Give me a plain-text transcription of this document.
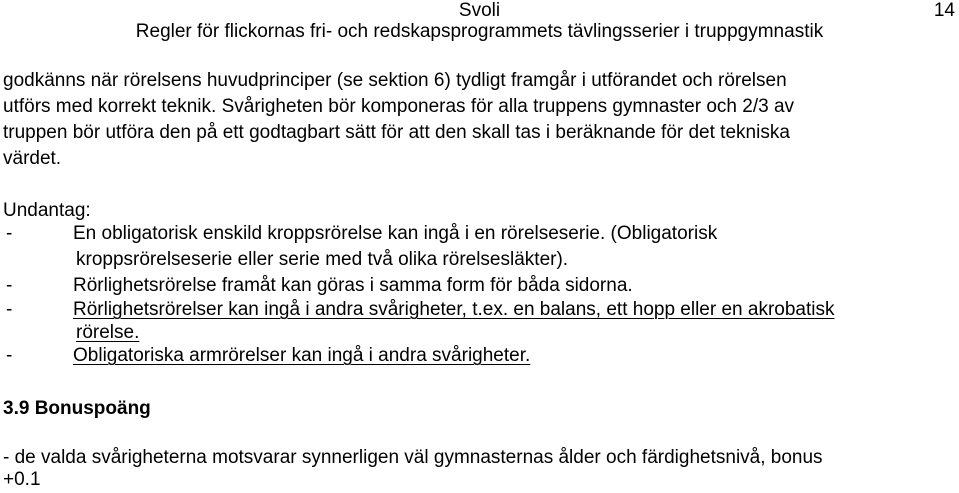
Svoli
Regler för flickornas fri- och redskapsprogrammets tävlingsserier i truppgymnastik
14
godkänns när rörelsens huvudprinciper (se sektion 6) tydligt framgår i utförandet och rörelsen
utförs med korrekt teknik. Svårigheten bör komponeras för alla truppens gymnaster och 2/3 av
truppen bör utföra den på ett godtagbart sätt för att den skall tas i beräknande för det tekniska
värdet.
Undantag:
-	En obligatorisk enskild kroppsrörelse kan ingå i en rörelseserie. (Obligatorisk
kroppsrörelseserie eller serie med två olika rörelsesläkter).
-	Rörlighetsrörelse framåt kan göras i samma form för båda sidorna.
-	Rörlighetsrörelser kan ingå i andra svårigheter, t.ex. en balans, ett hopp eller en akrobatisk
rörelse.
-	Obligatoriska armrörelser kan ingå i andra svårigheter.
3.9 Bonuspoäng
- de valda svårigheterna motsvarar synnerligen väl gymnasternas ålder och färdighetsnivå, bonus
+0.1
